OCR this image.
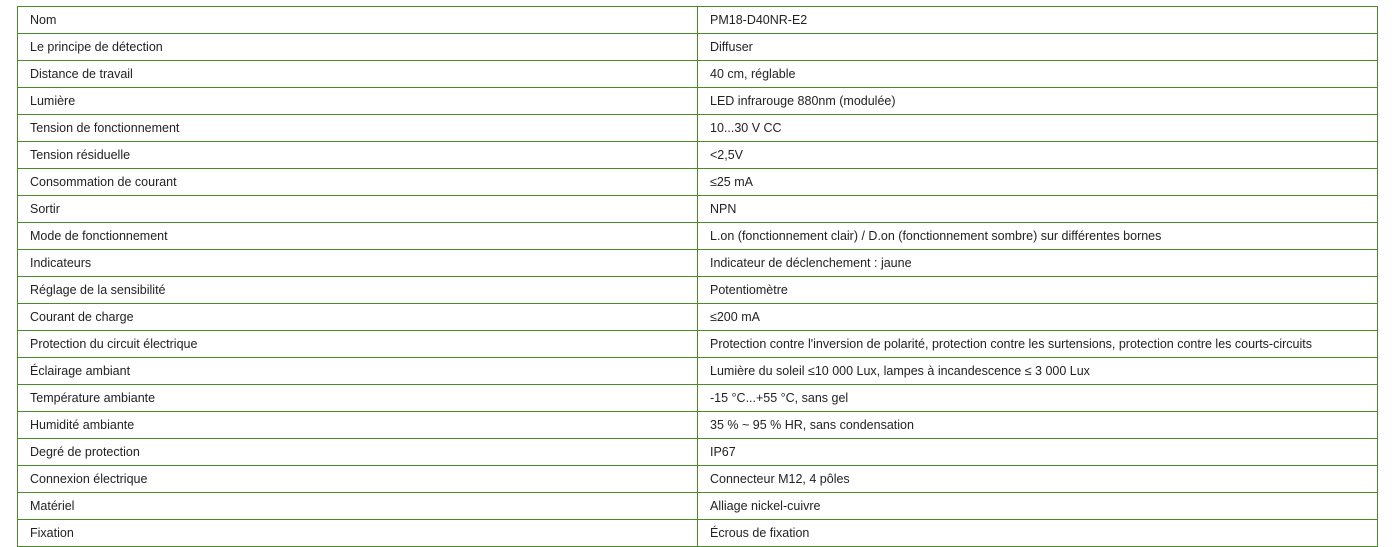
Nom	PM18-D40NR-E2
Le principe de détection	Diffuser
Distance de travail	40 cm, réglable
Lumière	LED infrarouge 880nm (modulée)
Tension de fonctionnement	10...30 V CC
Tension résiduelle	<2,5V
Consommation de courant	≤25 mA
Sortir	NPN
Mode de fonctionnement	L.on (fonctionnement clair) / D.on (fonctionnement sombre) sur différentes bornes
Indicateurs	Indicateur de déclenchement : jaune
Réglage de la sensibilité	Potentiomètre
Courant de charge	≤200 mA
Protection du circuit électrique	Protection contre l'inversion de polarité, protection contre les surtensions, protection contre les courts-circuits
Éclairage ambiant	Lumière du soleil ≤10 000 Lux, lampes à incandescence ≤ 3 000 Lux
Température ambiante	-15 °C...+55 °C, sans gel
Humidité ambiante	35 % ~ 95 % HR, sans condensation
Degré de protection	IP67
Connexion électrique	Connecteur M12, 4 pôles
Matériel	Alliage nickel-cuivre
Fixation	Écrous de fixation
